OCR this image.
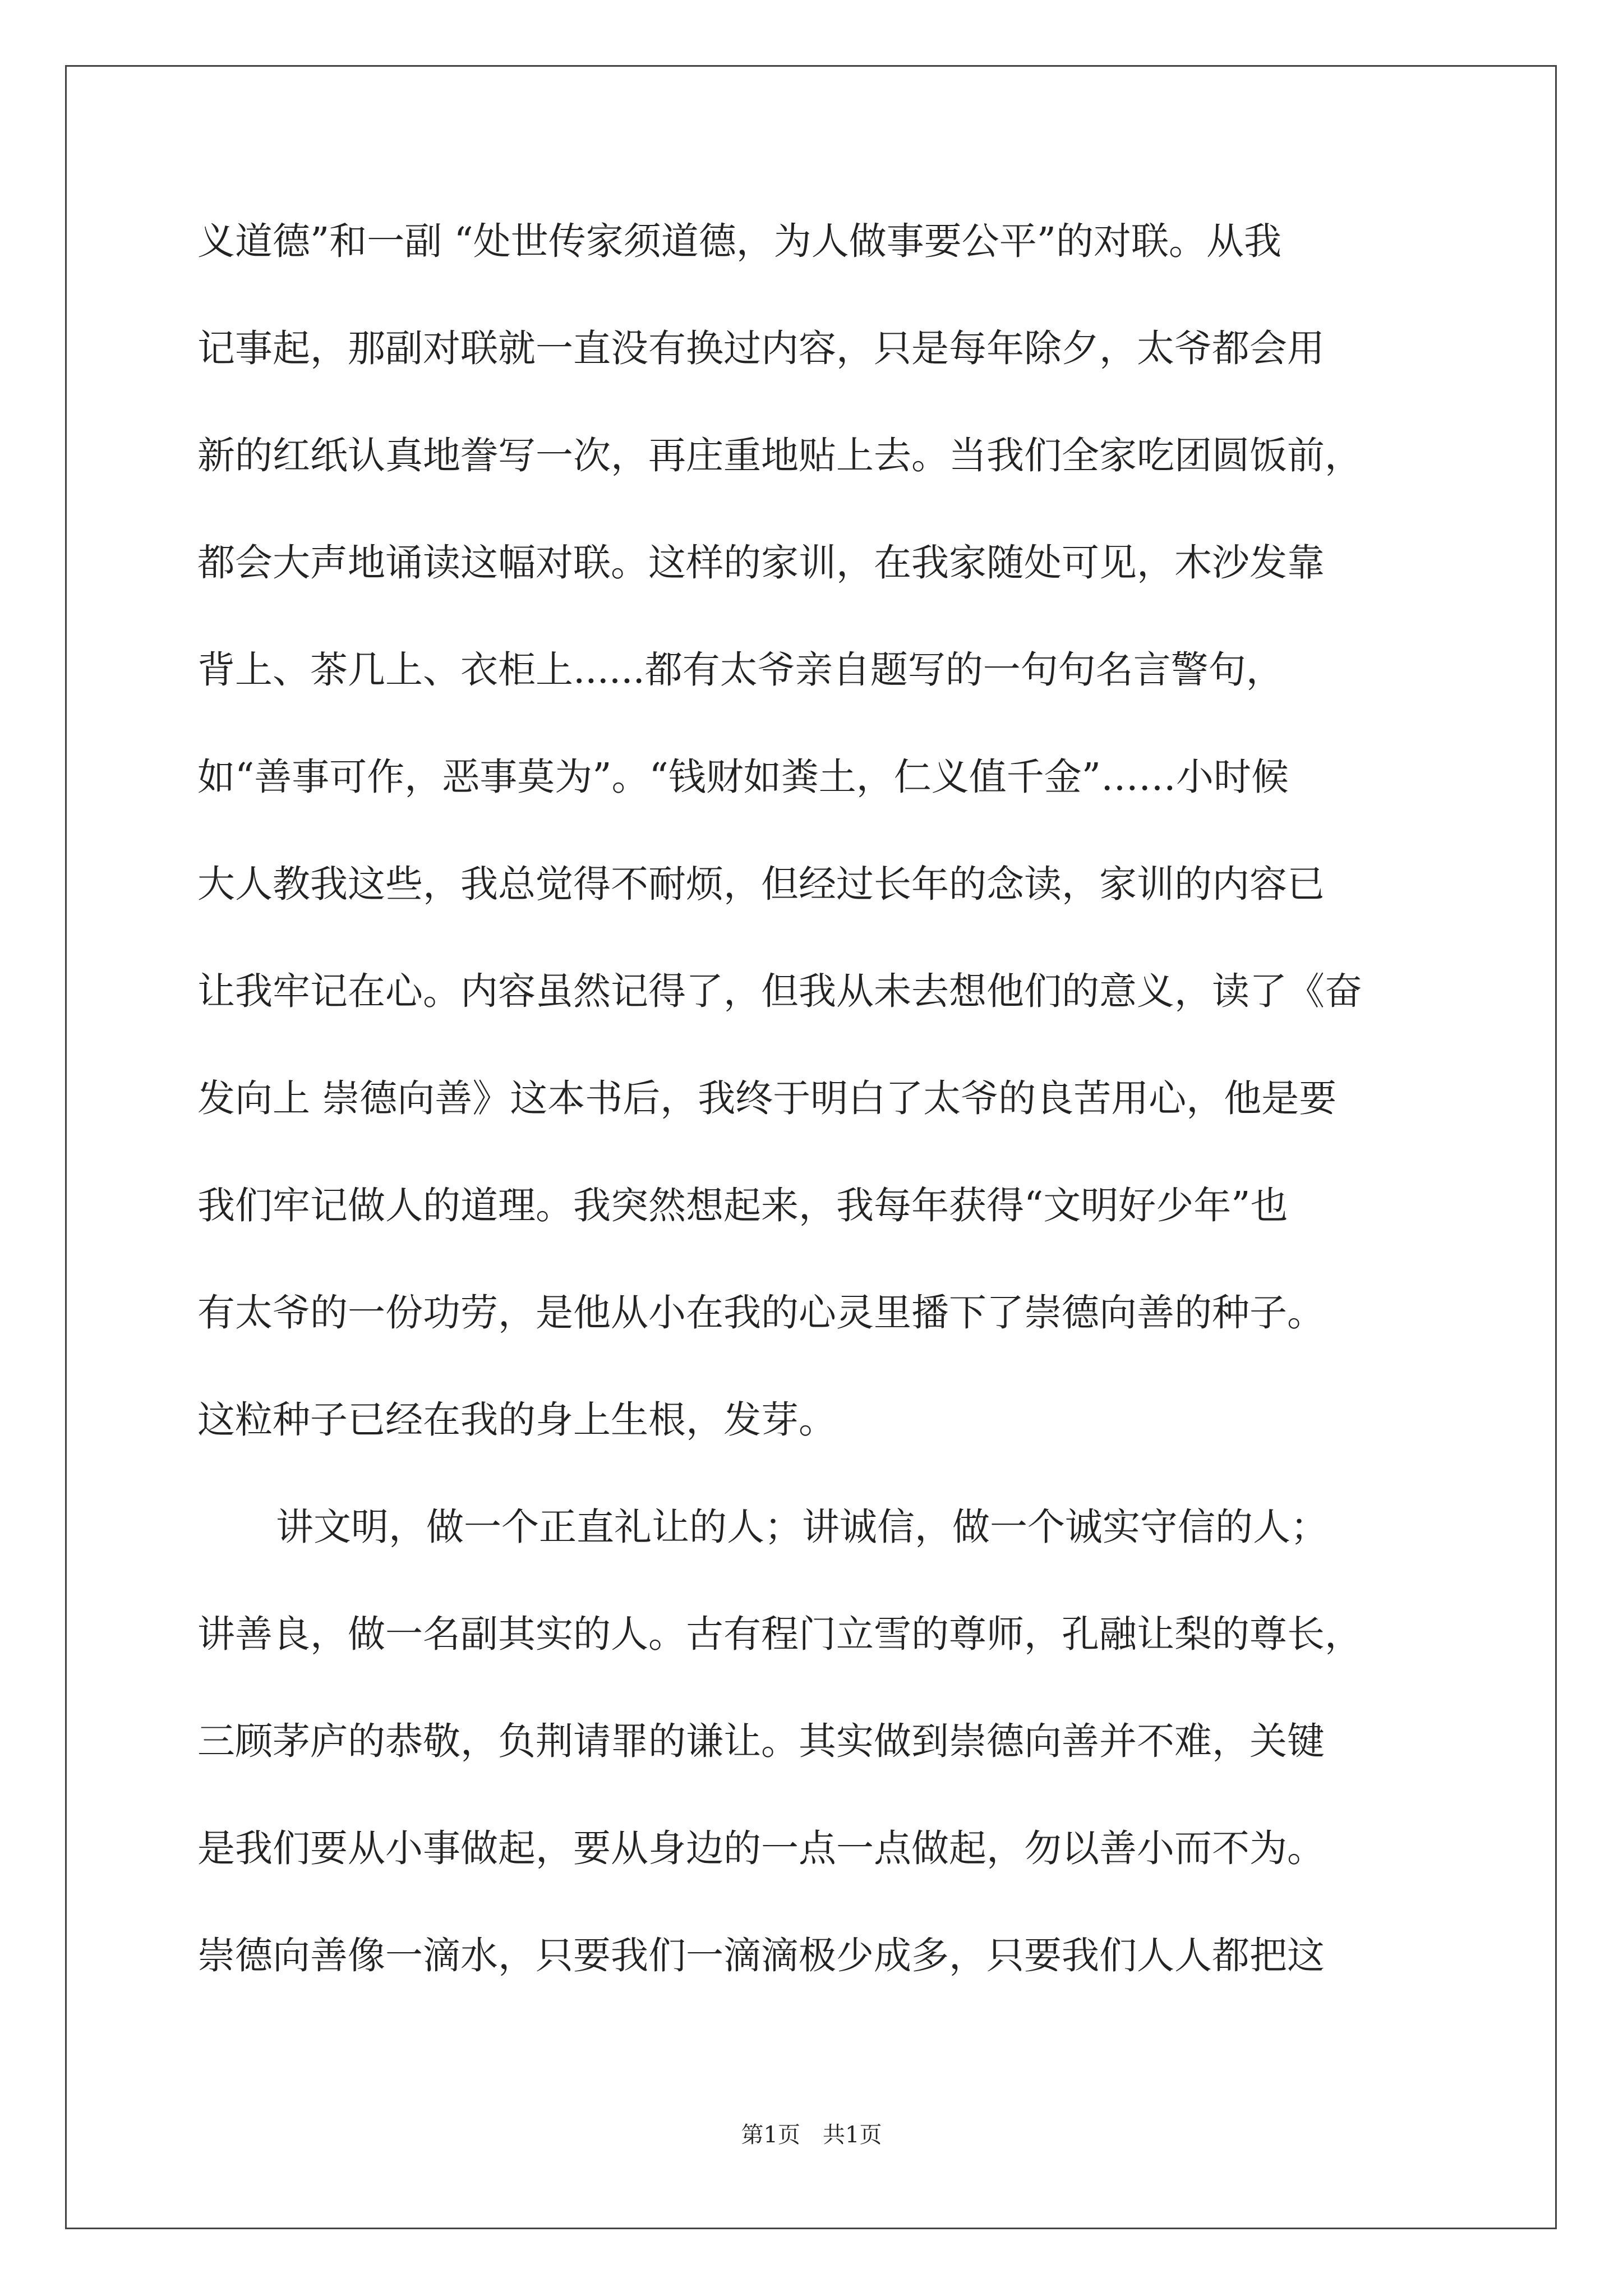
义道德”和一副 “处世传家须道德，为人做事要公平”的对联。从我
记事起，那副对联就一直没有换过内容，只是每年除夕，太爷都会用
新的红纸认真地誊写一次，再庄重地贴上去。当我们全家吃团圆饭前，
都会大声地诵读这幅对联。这样的家训，在我家随处可见，木沙发靠
背上、茶几上、衣柜上......都有太爷亲自题写的一句句名言警句，
如“善事可作，恶事莫为”。“钱财如粪土，仁义值千金”……小时候
大人教我这些，我总觉得不耐烦，但经过长年的念读，家训的内容已
让我牢记在心。内容虽然记得了，但我从未去想他们的意义，读了《奋
发向上 崇德向善》这本书后，我终于明白了太爷的良苦用心，他是要
我们牢记做人的道理。我突然想起来，我每年获得“文明好少年”也
有太爷的一份功劳，是他从小在我的心灵里播下了崇德向善的种子。
这粒种子已经在我的身上生根，发芽。
讲文明，做一个正直礼让的人；讲诚信，做一个诚实守信的人；
讲善良，做一名副其实的人。古有程门立雪的尊师，孔融让梨的尊长，
三顾茅庐的恭敬，负荆请罪的谦让。其实做到崇德向善并不难，关键
是我们要从小事做起，要从身边的一点一点做起，勿以善小而不为。
崇德向善像一滴水，只要我们一滴滴极少成多，只要我们人人都把这
第1页　共1页
